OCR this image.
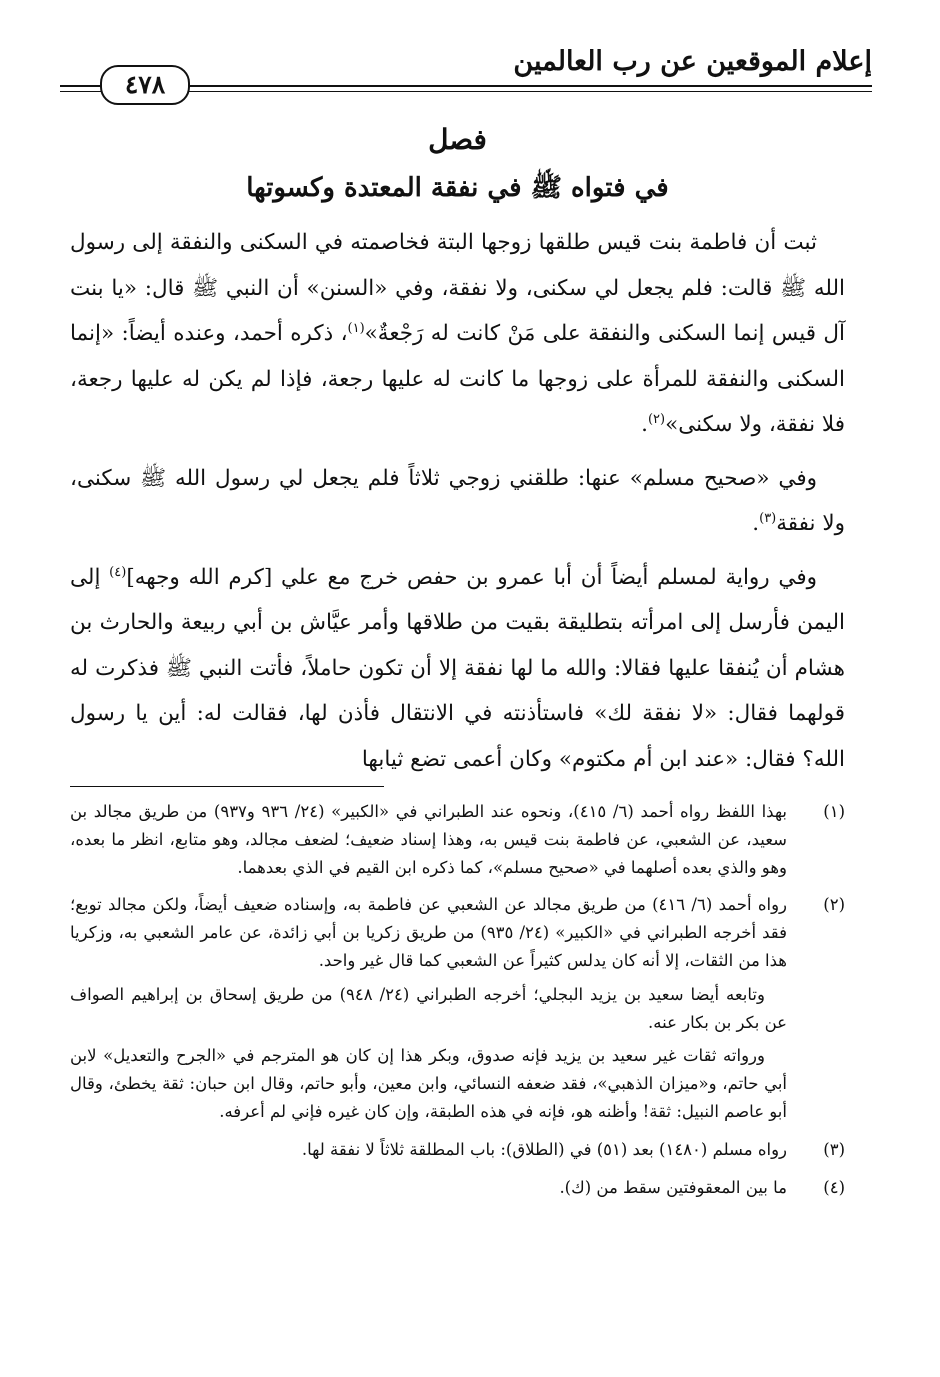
إعلام الموقعين عن رب العالمين
٤٧٨
فصل
في فتواه ﷺ في نفقة المعتدة وكسوتها

ثبت أن فاطمة بنت قيس طلقها زوجها البتة فخاصمته في السكنى والنفقة إلى رسول الله ﷺ قالت: فلم يجعل لي سكنى، ولا نفقة، وفي «السنن» أن النبي ﷺ قال: «يا بنت آل قيس إنما السكنى والنفقة على مَنْ كانت له رَجْعةٌ»$^{(١)}$، ذكره أحمد، وعنده أيضاً: «إنما السكنى والنفقة للمرأة على زوجها ما كانت له عليها رجعة، فإذا لم يكن له عليها رجعة، فلا نفقة، ولا سكنى»$^{(٢)}$.

وفي «صحيح مسلم» عنها: طلقني زوجي ثلاثاً فلم يجعل لي رسول الله ﷺ سكنى، ولا نفقة$^{(٣)}$.

وفي رواية لمسلم أيضاً أن أبا عمرو بن حفص خرج مع علي [كرم الله وجهه]$^{(٤)}$ إلى اليمن فأرسل إلى امرأته بتطليقة بقيت من طلاقها وأمر عيَّاش بن أبي ربيعة والحارث بن هشام أن يُنفقا عليها فقالا: والله ما لها نفقة إلا أن تكون حاملاً، فأتت النبي ﷺ فذكرت له قولهما فقال: «لا نفقة لك» فاستأذنته في الانتقال فأذن لها، فقالت له: أين يا رسول الله؟ فقال: «عند ابن أم مكتوم» وكان أعمى تضع ثيابها

(١)

بهذا اللفظ رواه أحمد (٦/ ٤١٥)، ونحوه عند الطبراني في «الكبير» (٢٤/ ٩٣٦ و٩٣٧) من طريق مجالد بن سعيد، عن الشعبي، عن فاطمة بنت قيس به، وهذا إسناد ضعيف؛ لضعف مجالد، وهو متابع، انظر ما بعده، وهو والذي بعده أصلهما في «صحيح مسلم»، كما ذكره ابن القيم في الذي بعدهما.

(٢)

رواه أحمد (٦/ ٤١٦) من طريق مجالد عن الشعبي عن فاطمة به، وإسناده ضعيف أيضاً، ولكن مجالد توبع؛ فقد أخرجه الطبراني في «الكبير» (٢٤/ ٩٣٥) من طريق زكريا بن أبي زائدة، عن عامر الشعبي به، وزكريا هذا من الثقات، إلا أنه كان يدلس كثيراً عن الشعبي كما قال غير واحد.

وتابعه أيضا سعيد بن يزيد البجلي؛ أخرجه الطبراني (٢٤/ ٩٤٨) من طريق إسحاق بن إبراهيم الصواف عن بكر بن بكار عنه.

ورواته ثقات غير سعيد بن يزيد فإنه صدوق، وبكر هذا إن كان هو المترجم في «الجرح والتعديل» لابن أبي حاتم، و«ميزان الذهبي»، فقد ضعفه النسائي، وابن معين، وأبو حاتم، وقال ابن حبان: ثقة يخطئ، وقال أبو عاصم النبيل: ثقة! وأظنه هو، فإنه في هذه الطبقة، وإن كان غيره فإني لم أعرفه.

(٣)

رواه مسلم (١٤٨٠) بعد (٥١) في (الطلاق): باب المطلقة ثلاثاً لا نفقة لها.

(٤)

ما بين المعقوفتين سقط من (ك).
